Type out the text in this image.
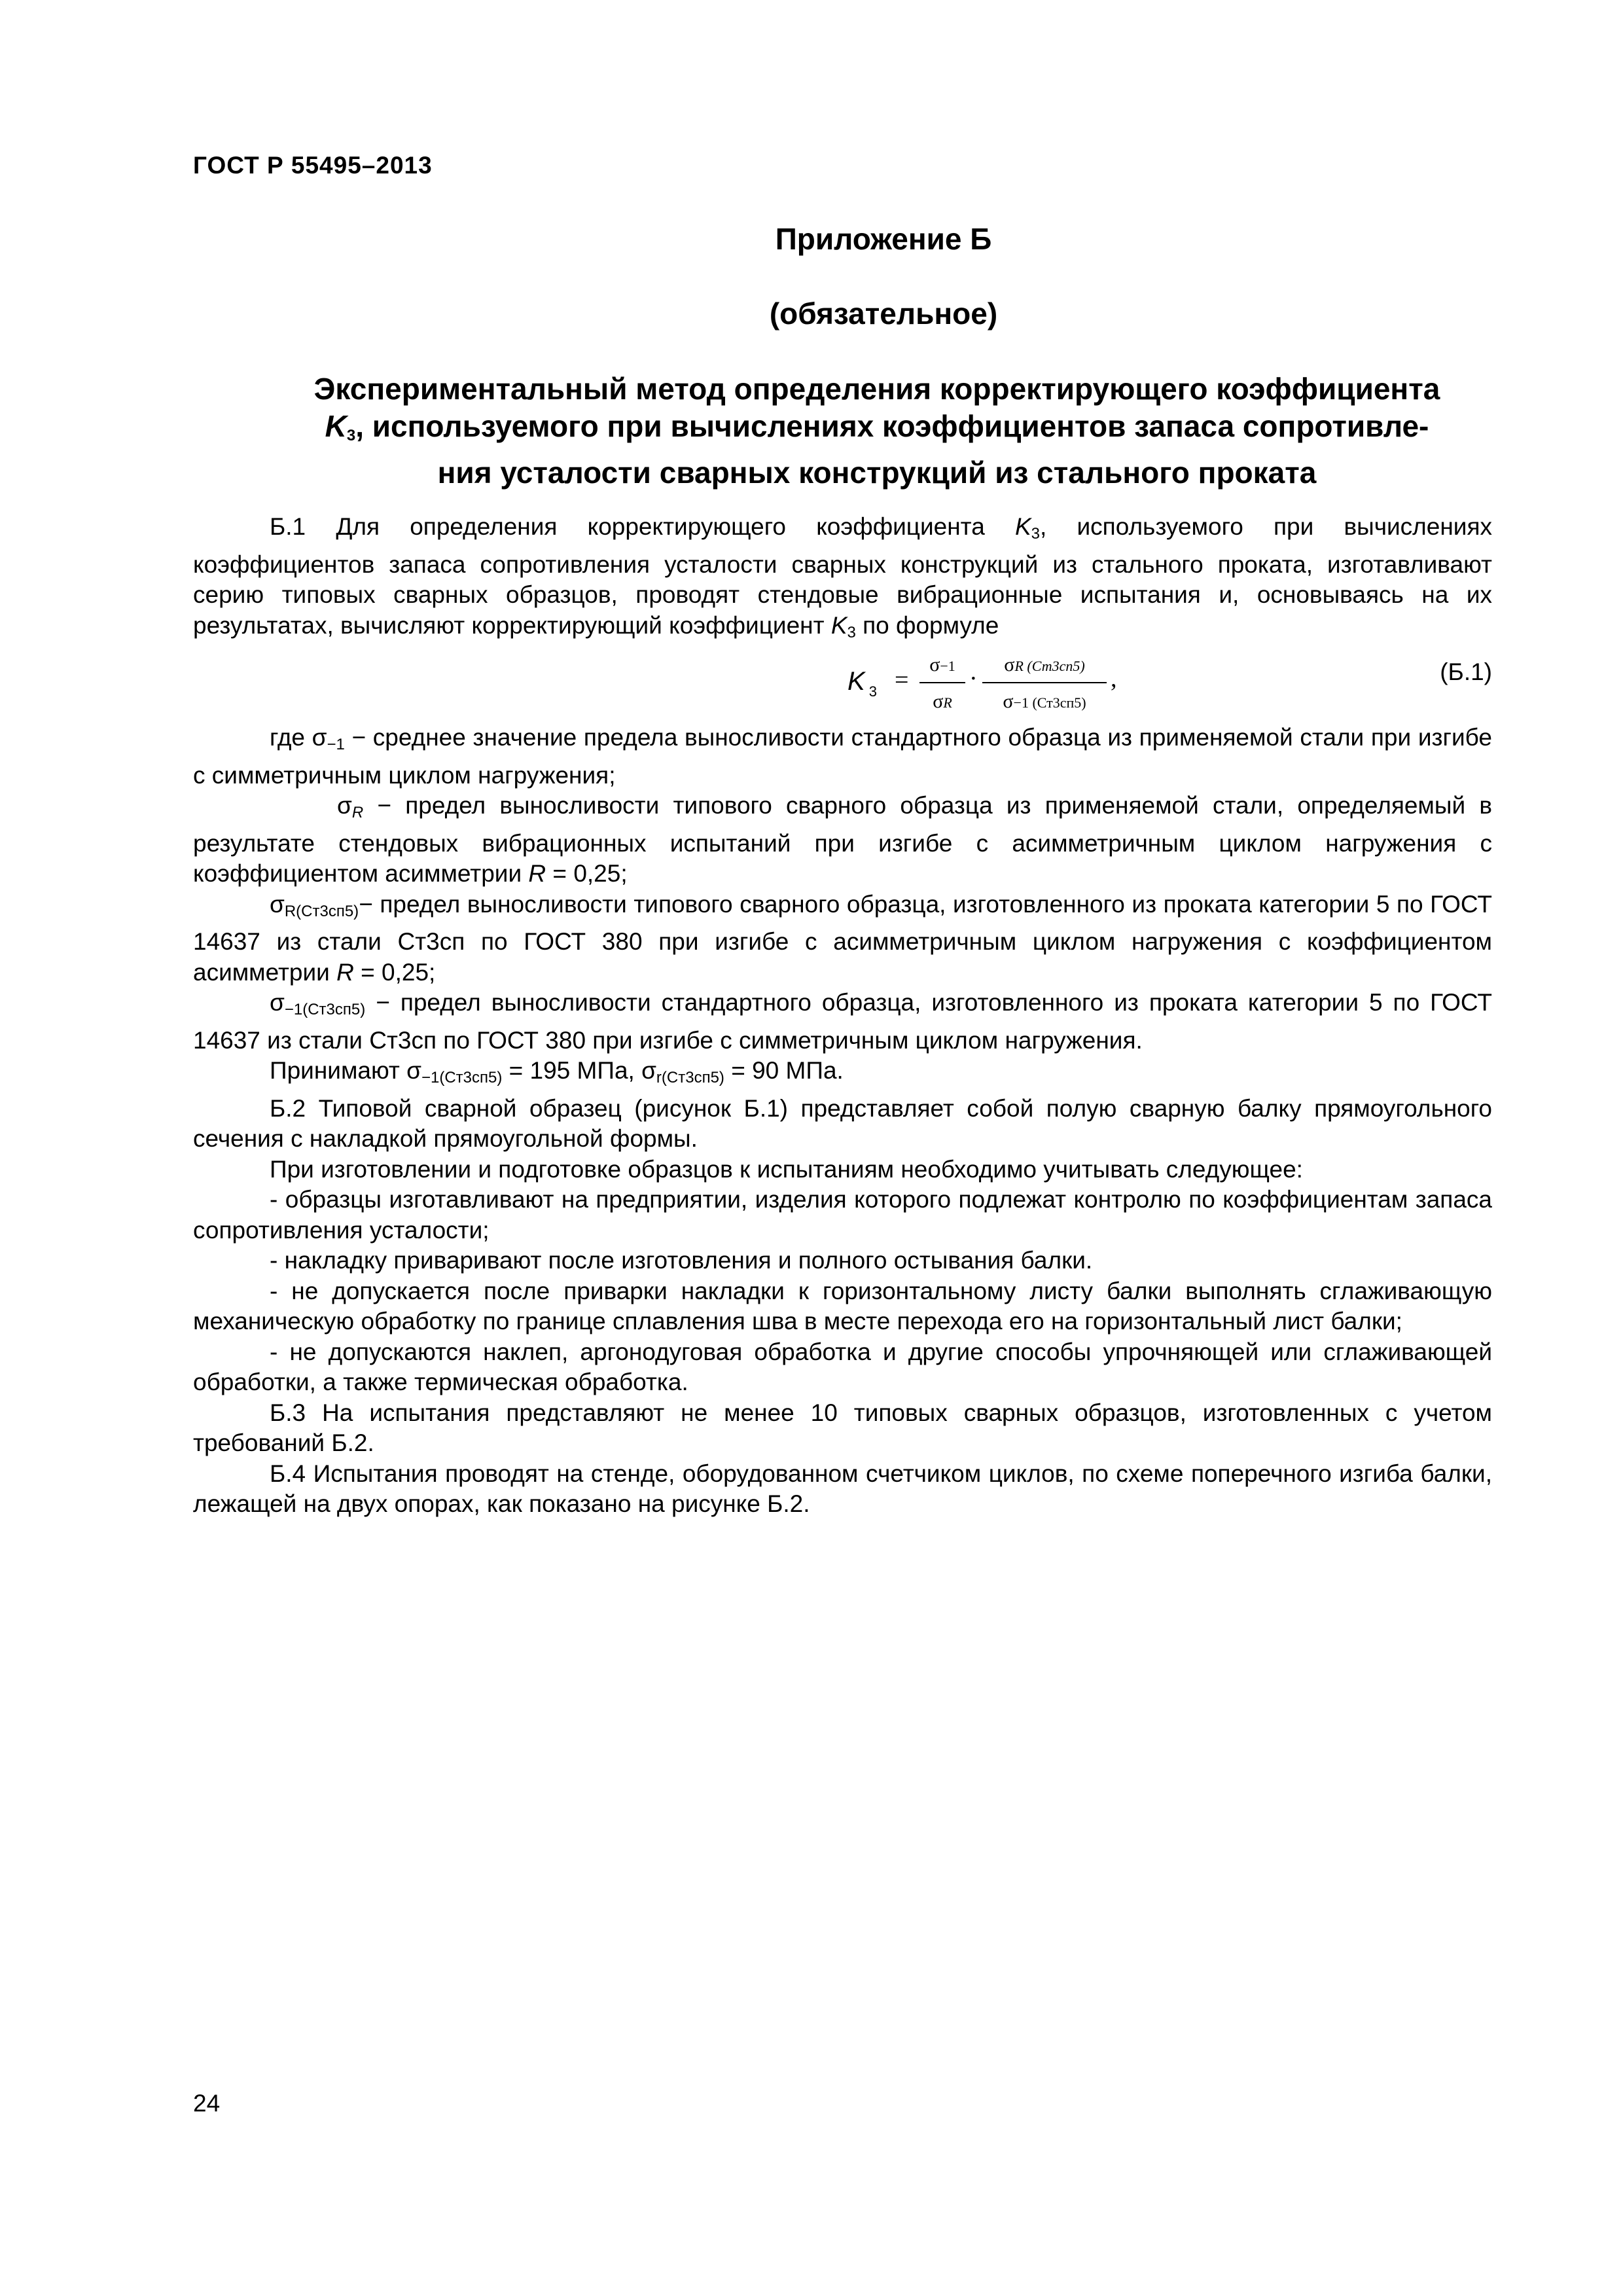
ГОСТ Р 55495–2013
Приложение Б
(обязательное)
Экспериментальный метод определения корректирующего коэффициента
$K_3$, используемого при вычислениях коэффициентов запаса сопротивле-
ния усталости сварных конструкций из стального проката

Б.1 Для определения корректирующего коэффициента $K_3$, используемого при вычислениях коэффициентов запаса сопротивления усталости сварных конструкций из стального проката, изготавливают серию типовых сварных образцов, проводят стендовые вибрационные испытания и, основываясь на их результатах, вычисляют корректирующий коэффициент $K_3$ по формуле

K $_3$ =
σ−1
σR
·
σR (Ст3сп5)
σ−1 (Ст3сп5)
,	(Б.1)

где $\sigma_{-1}$ − среднее значение предела выносливости стандартного образца из применяемой стали при изгибе с симметричным циклом нагружения;

$\sigma_R$ − предел выносливости типового сварного образца из применяемой стали, определяемый в результате стендовых вибрационных испытаний при изгибе с асимметричным циклом нагружения с коэффициентом асимметрии R = 0,25;

$\sigma_{R(Ст3сп5)}-$ предел выносливости типового сварного образца, изготовленного из проката категории 5 по ГОСТ 14637 из стали Ст3сп по ГОСТ 380 при изгибе с асимметричным циклом нагружения с коэффициентом асимметрии R = 0,25;

$\sigma_{-1(Ст3сп5)}$ − предел выносливости стандартного образца, изготовленного из проката категории 5 по ГОСТ 14637 из стали Ст3сп по ГОСТ 380 при изгибе с симметричным циклом нагружения.

Принимают $\sigma_{-1(Ст3сп5)} = 195$ МПа, $\sigma_{r(Ст3сп5)} = 90$ МПа.

Б.2 Типовой сварной образец (рисунок Б.1) представляет собой полую сварную балку прямоугольного сечения с накладкой прямоугольной формы.

При изготовлении и подготовке образцов к испытаниям необходимо учитывать следующее:

- образцы изготавливают на предприятии, изделия которого подлежат контролю по коэффициентам запаса сопротивления усталости;

- накладку приваривают после изготовления и полного остывания балки.

- не допускается после приварки накладки к горизонтальному листу балки выполнять сглаживающую механическую обработку по границе сплавления шва в месте перехода его на горизонтальный лист балки;

- не допускаются наклеп, аргонодуговая обработка и другие способы упрочняющей или сглаживающей обработки, а также термическая обработка.

Б.3 На испытания представляют не менее 10 типовых сварных образцов, изготовленных с учетом требований Б.2.

Б.4 Испытания проводят на стенде, оборудованном счетчиком циклов, по схеме поперечного изгиба балки, лежащей на двух опорах, как показано на рисунке Б.2.

24
